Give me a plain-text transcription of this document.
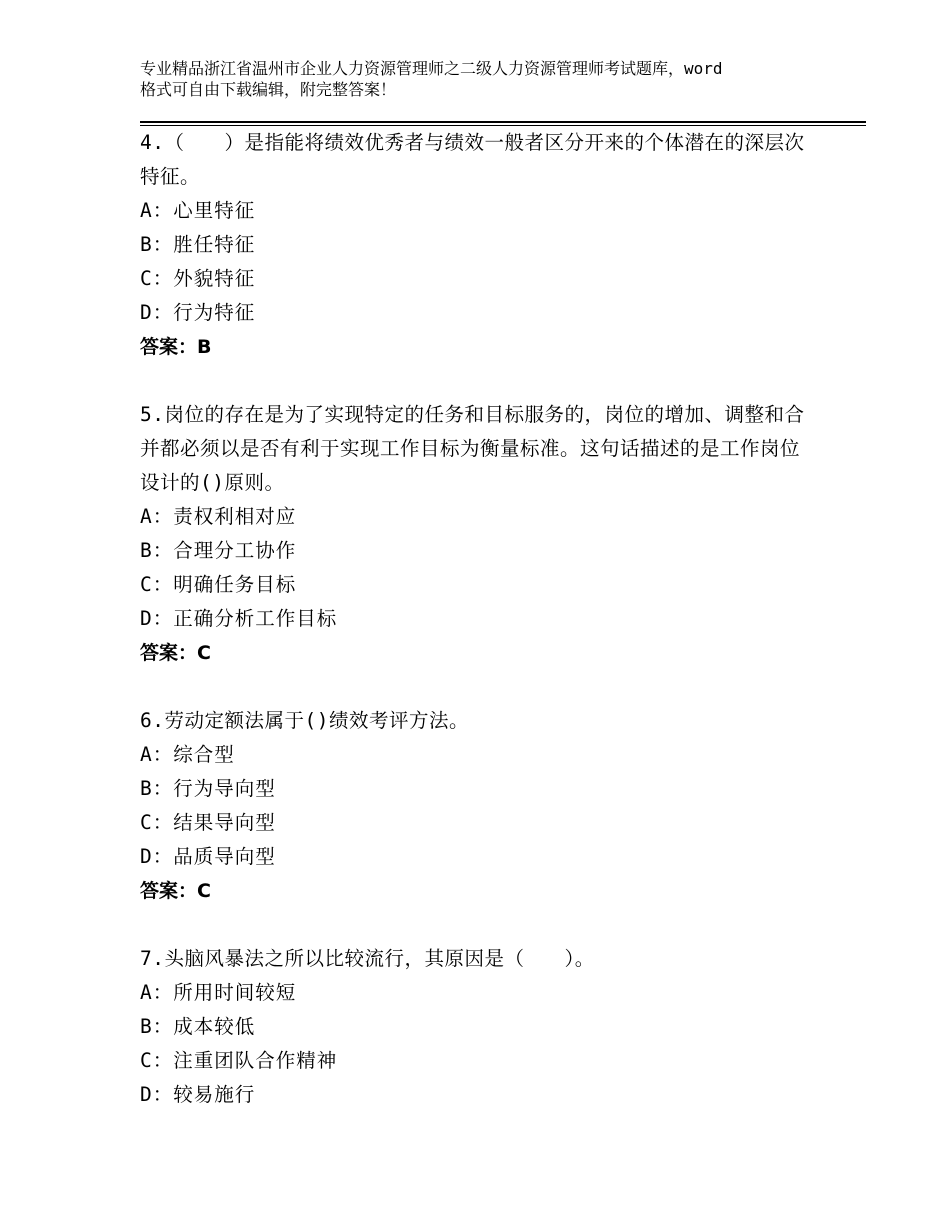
专业精品浙江省温州市企业人力资源管理师之二级人力资源管理师考试题库，word
格式可自由下载编辑，附完整答案！

4.（　　）是指能将绩效优秀者与绩效一般者区分开来的个体潜在的深层次特征。

A：心里特征

B：胜任特征

C：外貌特征

D：行为特征

答案：B

5.岗位的存在是为了实现特定的任务和目标服务的，岗位的增加、调整和合并都必须以是否有利于实现工作目标为衡量标准。这句话描述的是工作岗位设计的()原则。

A：责权利相对应

B：合理分工协作

C：明确任务目标

D：正确分析工作目标

答案：C

6.劳动定额法属于()绩效考评方法。

A：综合型

B：行为导向型

C：结果导向型

D：品质导向型

答案：C

7.头脑风暴法之所以比较流行，其原因是（　　）。

A：所用时间较短

B：成本较低

C：注重团队合作精神

D：较易施行
